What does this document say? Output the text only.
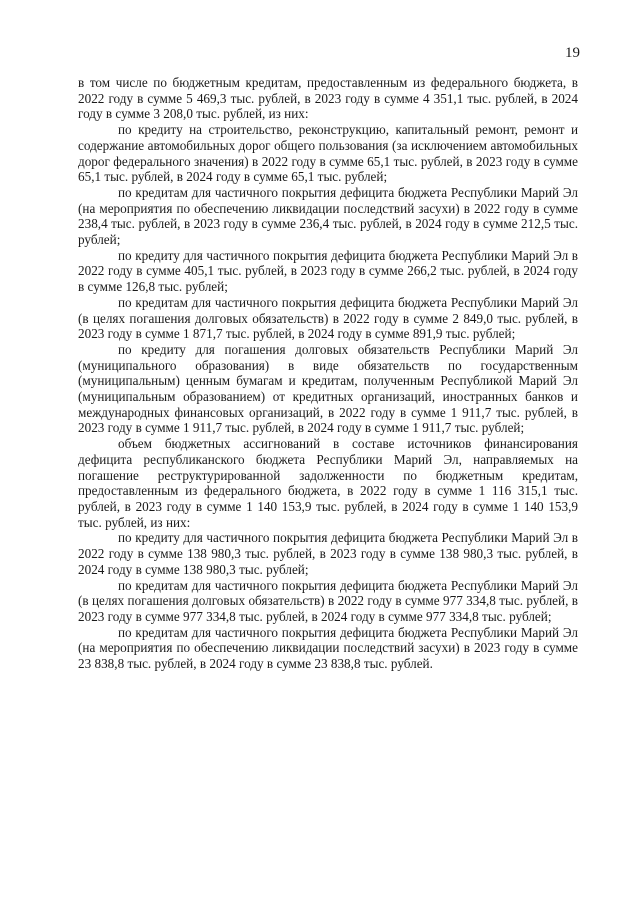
19

в том числе по бюджетным кредитам, предоставленным из федерального бюджета, в 2022 году в сумме 5 469,3 тыс. рублей, в 2023 году в сумме 4 351,1 тыс. рублей, в 2024 году в сумме 3 208,0 тыс. рублей, из них:

по кредиту на строительство, реконструкцию, капитальный ремонт, ремонт и содержание автомобильных дорог общего пользования (за исключением автомобильных дорог федерального значения) в 2022 году в сумме 65,1 тыс. рублей, в 2023 году в сумме 65,1 тыс. рублей, в 2024 году в сумме 65,1 тыс. рублей;

по кредитам для частичного покрытия дефицита бюджета Республики Марий Эл (на мероприятия по обеспечению ликвидации последствий засухи) в 2022 году в сумме 238,4 тыс. рублей, в 2023 году в сумме 236,4 тыс. рублей, в 2024 году в сумме 212,5 тыс. рублей;

по кредиту для частичного покрытия дефицита бюджета Республики Марий Эл в 2022 году в сумме 405,1 тыс. рублей, в 2023 году в сумме 266,2 тыс. рублей, в 2024 году в сумме 126,8 тыс. рублей;

по кредитам для частичного покрытия дефицита бюджета Республики Марий Эл (в целях погашения долговых обязательств) в 2022 году в сумме 2 849,0 тыс. рублей, в 2023 году в сумме 1 871,7 тыс. рублей, в 2024 году в сумме 891,9 тыс. рублей;

по кредиту для погашения долговых обязательств Республики Марий Эл (муниципального образования) в виде обязательств по государственным (муниципальным) ценным бумагам и кредитам, полученным Республикой Марий Эл (муниципальным образованием) от кредитных организаций, иностранных банков и международных финансовых организаций, в 2022 году в сумме 1 911,7 тыс. рублей, в 2023 году в сумме 1 911,7 тыс. рублей, в 2024 году в сумме 1 911,7 тыс. рублей;

объем бюджетных ассигнований в составе источников финансирования дефицита республиканского бюджета Республики Марий Эл, направляемых на погашение реструктурированной задолженности по бюджетным кредитам, предоставленным из федерального бюджета, в 2022 году в сумме 1 116 315,1 тыс. рублей, в 2023 году в сумме 1 140 153,9 тыс. рублей, в 2024 году в сумме 1 140 153,9 тыс. рублей, из них:

по кредиту для частичного покрытия дефицита бюджета Республики Марий Эл в 2022 году в сумме 138 980,3 тыс. рублей, в 2023 году в сумме 138 980,3 тыс. рублей, в 2024 году в сумме 138 980,3 тыс. рублей;

по кредитам для частичного покрытия дефицита бюджета Республики Марий Эл (в целях погашения долговых обязательств) в 2022 году в сумме 977 334,8 тыс. рублей, в 2023 году в сумме 977 334,8 тыс. рублей, в 2024 году в сумме 977 334,8 тыс. рублей;

по кредитам для частичного покрытия дефицита бюджета Республики Марий Эл (на мероприятия по обеспечению ликвидации последствий засухи) в 2023 году в сумме 23 838,8 тыс. рублей, в 2024 году в сумме 23 838,8 тыс. рублей.
